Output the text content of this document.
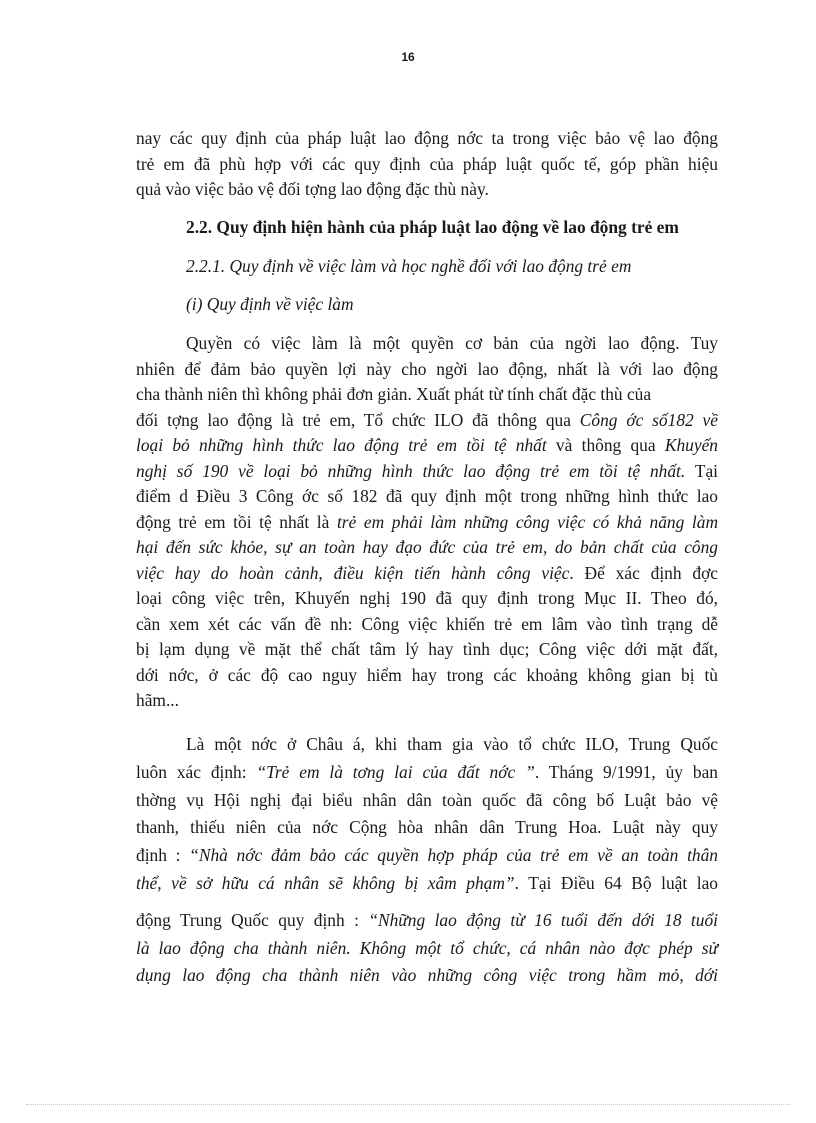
16
nay các quy định của pháp luật lao động nớc ta trong việc bảo vệ lao động
trẻ em đã phù hợp với các quy định của pháp luật quốc tế, góp phần hiệu
quả vào việc bảo vệ đối tợng lao động đặc thù này.
2.2. Quy định hiện hành của pháp luật lao động về lao động trẻ em
2.2.1. Quy định về việc làm và học nghề đối với lao động trẻ em
(i) Quy định về việc làm
Quyền có việc làm là một quyền cơ bản của ngời lao động. Tuy
nhiên để đảm bảo quyền lợi này cho ngời lao động, nhất là với lao động
cha thành niên thì không phải đơn giản. Xuất phát từ tính chất đặc thù của
đối tợng lao động là trẻ em, Tổ chức ILO đã thông qua Công ớc số182 về
loại bỏ những hình thức lao động trẻ em tồi tệ nhất và thông qua Khuyến
nghị số 190 về loại bỏ những hình thức lao động trẻ em tồi tệ nhất. Tại
điểm d Điều 3 Công ớc số 182 đã quy định một trong những hình thức lao
động trẻ em tồi tệ nhất là trẻ em phải làm những công việc có khả năng làm
hại đến sức khỏe, sự an toàn hay đạo đức của trẻ em, do bản chất của công
việc hay do hoàn cảnh, điều kiện tiến hành công việc. Để xác định đợc
loại công việc trên, Khuyến nghị 190 đã quy định trong Mục II. Theo đó,
cần xem xét các vấn đề nh: Công việc khiến trẻ em lâm vào tình trạng dễ
bị lạm dụng về mặt thể chất tâm lý hay tình dục; Công việc dới mặt đất,
dới nớc, ở các độ cao nguy hiểm hay trong các khoảng không gian bị tù
hãm...
Là một nớc ở Châu á, khi tham gia vào tổ chức ILO, Trung Quốc
luôn xác định: “Trẻ em là tơng lai của đất nớc ”. Tháng 9/1991, ủy ban
thờng vụ Hội nghị đại biểu nhân dân toàn quốc đã công bố Luật bảo vệ
thanh, thiếu niên của nớc Cộng hòa nhân dân Trung Hoa. Luật này quy
định : “Nhà nớc đảm bảo các quyền hợp pháp của trẻ em về an toàn thân
thể, về sở hữu cá nhân sẽ không bị xâm phạm”. Tại Điều 64 Bộ luật lao
động Trung Quốc quy định : “Những lao động từ 16 tuổi đến dới 18 tuổi
là lao động cha thành niên. Không một tổ chức, cá nhân nào đợc phép sử
dụng lao động cha thành niên vào những công việc trong hầm mỏ, dới
